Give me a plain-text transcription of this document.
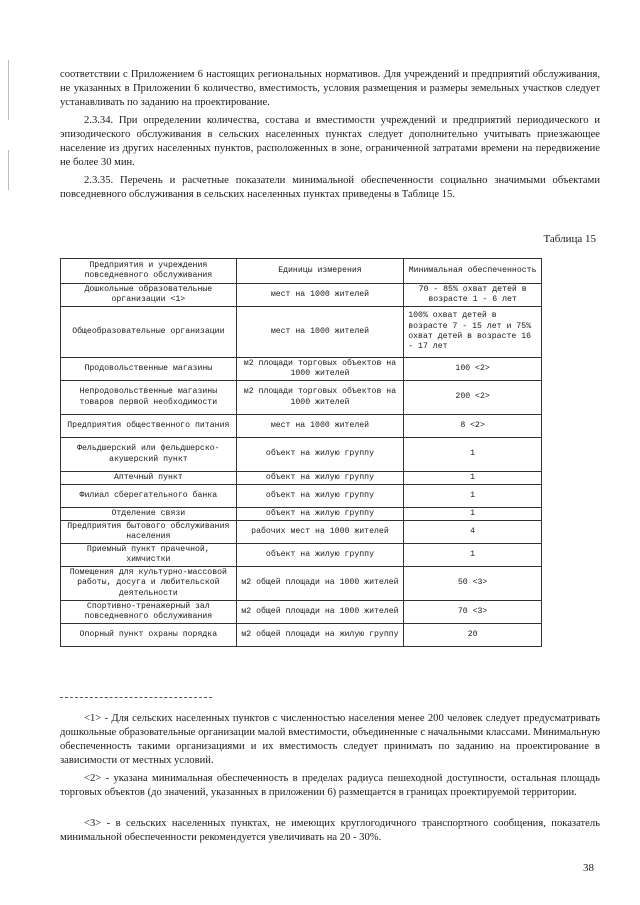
соответствии с Приложением 6 настоящих региональных нормативов. Для учреждений и предприятий обслуживания, не указанных в Приложении 6 количество, вместимость, условия размещения и размеры земельных участков следует устанавливать по заданию на проектирование.

2.3.34. При определении количества, состава и вместимости учреждений и предприятий периодического и эпизодического обслуживания в сельских населенных пунктах следует дополнительно учитывать приезжающее население из других населенных пунктов, расположенных в зоне, ограниченной затратами времени на передвижение не более 30 мин.

2.3.35. Перечень и расчетные показатели минимальной обеспеченности социально значимыми объектами повседневного обслуживания в сельских населенных пунктах приведены в Таблице 15.

Таблица 15
Предприятия и учреждения повседневного обслуживания	Единицы измерения	Минимальная обеспеченность
Дошкольные образовательные организации <1>	мест на 1000 жителей	70 - 85% охват детей в возрасте 1 - 6 лет
Общеобразовательные организации	мест на 1000 жителей	100% охват детей в возрасте 7 - 15 лет и 75% охват детей в возрасте 16 - 17 лет
Продовольственные магазины	м2 площади торговых объектов на 1000 жителей	100 <2>
Непродовольственные магазины товаров первой необходимости	м2 площади торговых объектов на 1000 жителей	200 <2>
Предприятия общественного питания	мест на 1000 жителей	8 <2>
Фельдшерский или фельдшерско-акушерский пункт	объект на жилую группу	1
Аптечный пункт	объект на жилую группу	1
Филиал сберегательного банка	объект на жилую группу	1
Отделение связи	объект на жилую группу	1
Предприятия бытового обслуживания населения	рабочих мест на 1000 жителей	4
Приемный пункт прачечной, химчистки	объект на жилую группу	1
Помещения для культурно-массовой работы, досуга и любительской деятельности	м2 общей площади на 1000 жителей	50 <3>
Спортивно-тренажерный зал повседневного обслуживания	м2 общей площади на 1000 жителей	70 <3>
Опорный пункт охраны порядка	м2 общей площади на жилую группу	20

<1> - Для сельских населенных пунктов с численностью населения менее 200 человек следует предусматривать дошкольные образовательные организации малой вместимости, объединенные с начальными классами. Минимальную обеспеченность такими организациями и их вместимость следует принимать по заданию на проектирование в зависимости от местных условий.

<2> - указана минимальная обеспеченность в пределах радиуса пешеходной доступности, остальная площадь торговых объектов (до значений, указанных в приложении 6) размещается в границах проектируемой территории.

<3> - в сельских населенных пунктах, не имеющих круглогодичного транспортного сообщения, показатель минимальной обеспеченности рекомендуется увеличивать на 20 - 30%.

38
